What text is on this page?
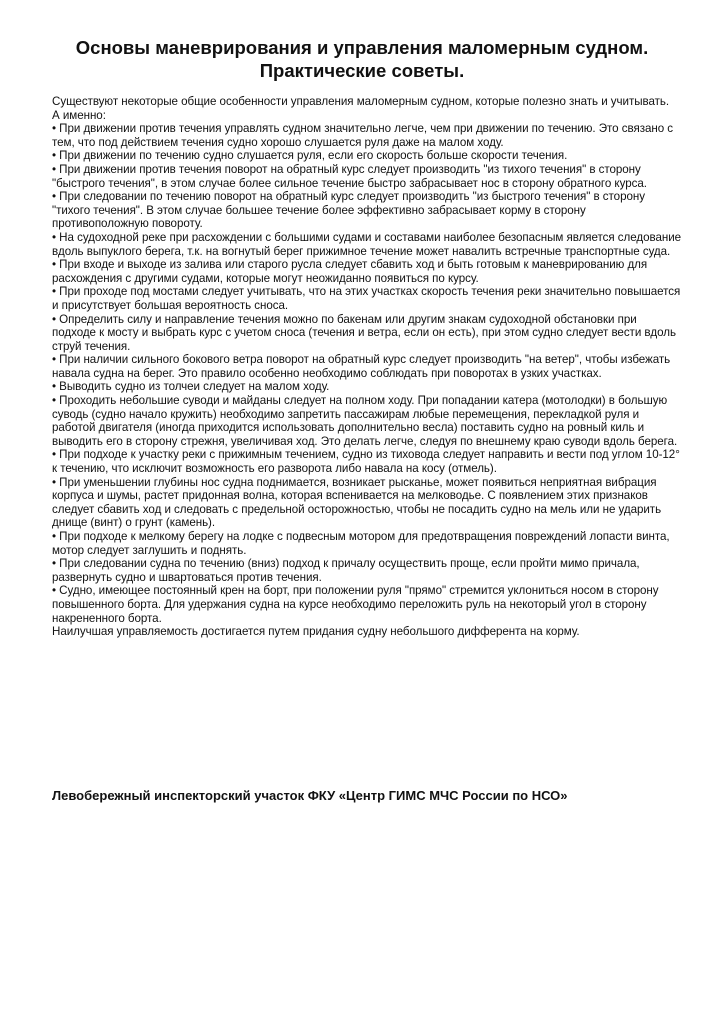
Основы маневрирования и управления маломерным судном.
Практические советы.

Существуют некоторые общие особенности управления маломерным судном, которые полезно знать и учитывать.

А именно:

• При движении против течения управлять судном значительно легче, чем при движении по течению. Это связано с тем, что под действием течения судно хорошо слушается руля даже на малом ходу.

• При движении по течению судно слушается руля, если его скорость больше скорости течения.

• При движении против течения поворот на обратный курс следует производить "из тихого течения" в сторону "быстрого течения", в этом случае более сильное течение быстро забрасывает нос в сторону обратного курса.

• При следовании по течению поворот на обратный курс следует производить "из быстрого течения" в сторону "тихого течения". В этом случае большее течение более эффективно забрасывает корму в сторону противоположную повороту.

• На судоходной реке при расхождении с большими судами и составами наиболее безопасным является следование вдоль выпуклого берега, т.к. на вогнутый берег прижимное течение может навалить встречные транспортные суда.

• При входе и выходе из залива или старого русла следует сбавить ход и быть готовым к маневрированию для расхождения с другими судами, которые могут неожиданно появиться по курсу.

• При проходе под мостами следует учитывать, что на этих участках скорость течения реки значительно повышается и присутствует большая вероятность сноса.

• Определить силу и направление течения можно по бакенам или другим знакам судоходной обстановки при подходе к мосту и выбрать курс с учетом сноса (течения и ветра, если он есть), при этом судно следует вести вдоль струй течения.

• При наличии сильного бокового ветра поворот на обратный курс следует производить "на ветер", чтобы избежать навала судна на берег. Это правило особенно необходимо соблюдать при поворотах в узких участках.

• Выводить судно из толчеи следует на малом ходу.

• Проходить небольшие суводи и майданы следует на полном ходу. При попадании катера (мотолодки) в большую суводь (судно начало кружить) необходимо запретить пассажирам любые перемещения, перекладкой руля и работой двигателя (иногда приходится использовать дополнительно весла) поставить судно на ровный киль и выводить его в сторону стрежня, увеличивая ход. Это делать легче, следуя по внешнему краю суводи вдоль берега.

• При подходе к участку реки с прижимным течением, судно из тиховода следует направить и вести под углом 10-12° к течению, что исключит возможность его разворота либо навала на косу (отмель).

• При уменьшении глубины нос судна поднимается, возникает рысканье, может появиться неприятная вибрация корпуса и шумы, растет придонная волна, которая вспенивается на мелководье. С появлением этих признаков следует сбавить ход и следовать с предельной осторожностью, чтобы не посадить судно на мель или не ударить днище (винт) о грунт (камень).

• При подходе к мелкому берегу на лодке с подвесным мотором для предотвращения повреждений лопасти винта, мотор следует заглушить и поднять.

• При следовании судна по течению (вниз) подход к причалу осуществить проще, если пройти мимо причала, развернуть судно и швартоваться против течения.

• Судно, имеющее постоянный крен на борт, при положении руля "прямо" стремится уклониться носом в сторону повышенного борта. Для удержания судна на курсе необходимо переложить руль на некоторый угол в сторону накрененного борта.

Наилучшая управляемость достигается путем придания судну небольшого дифферента на корму.

Левобережный инспекторский участок ФКУ «Центр ГИМС МЧС России по НСО»
